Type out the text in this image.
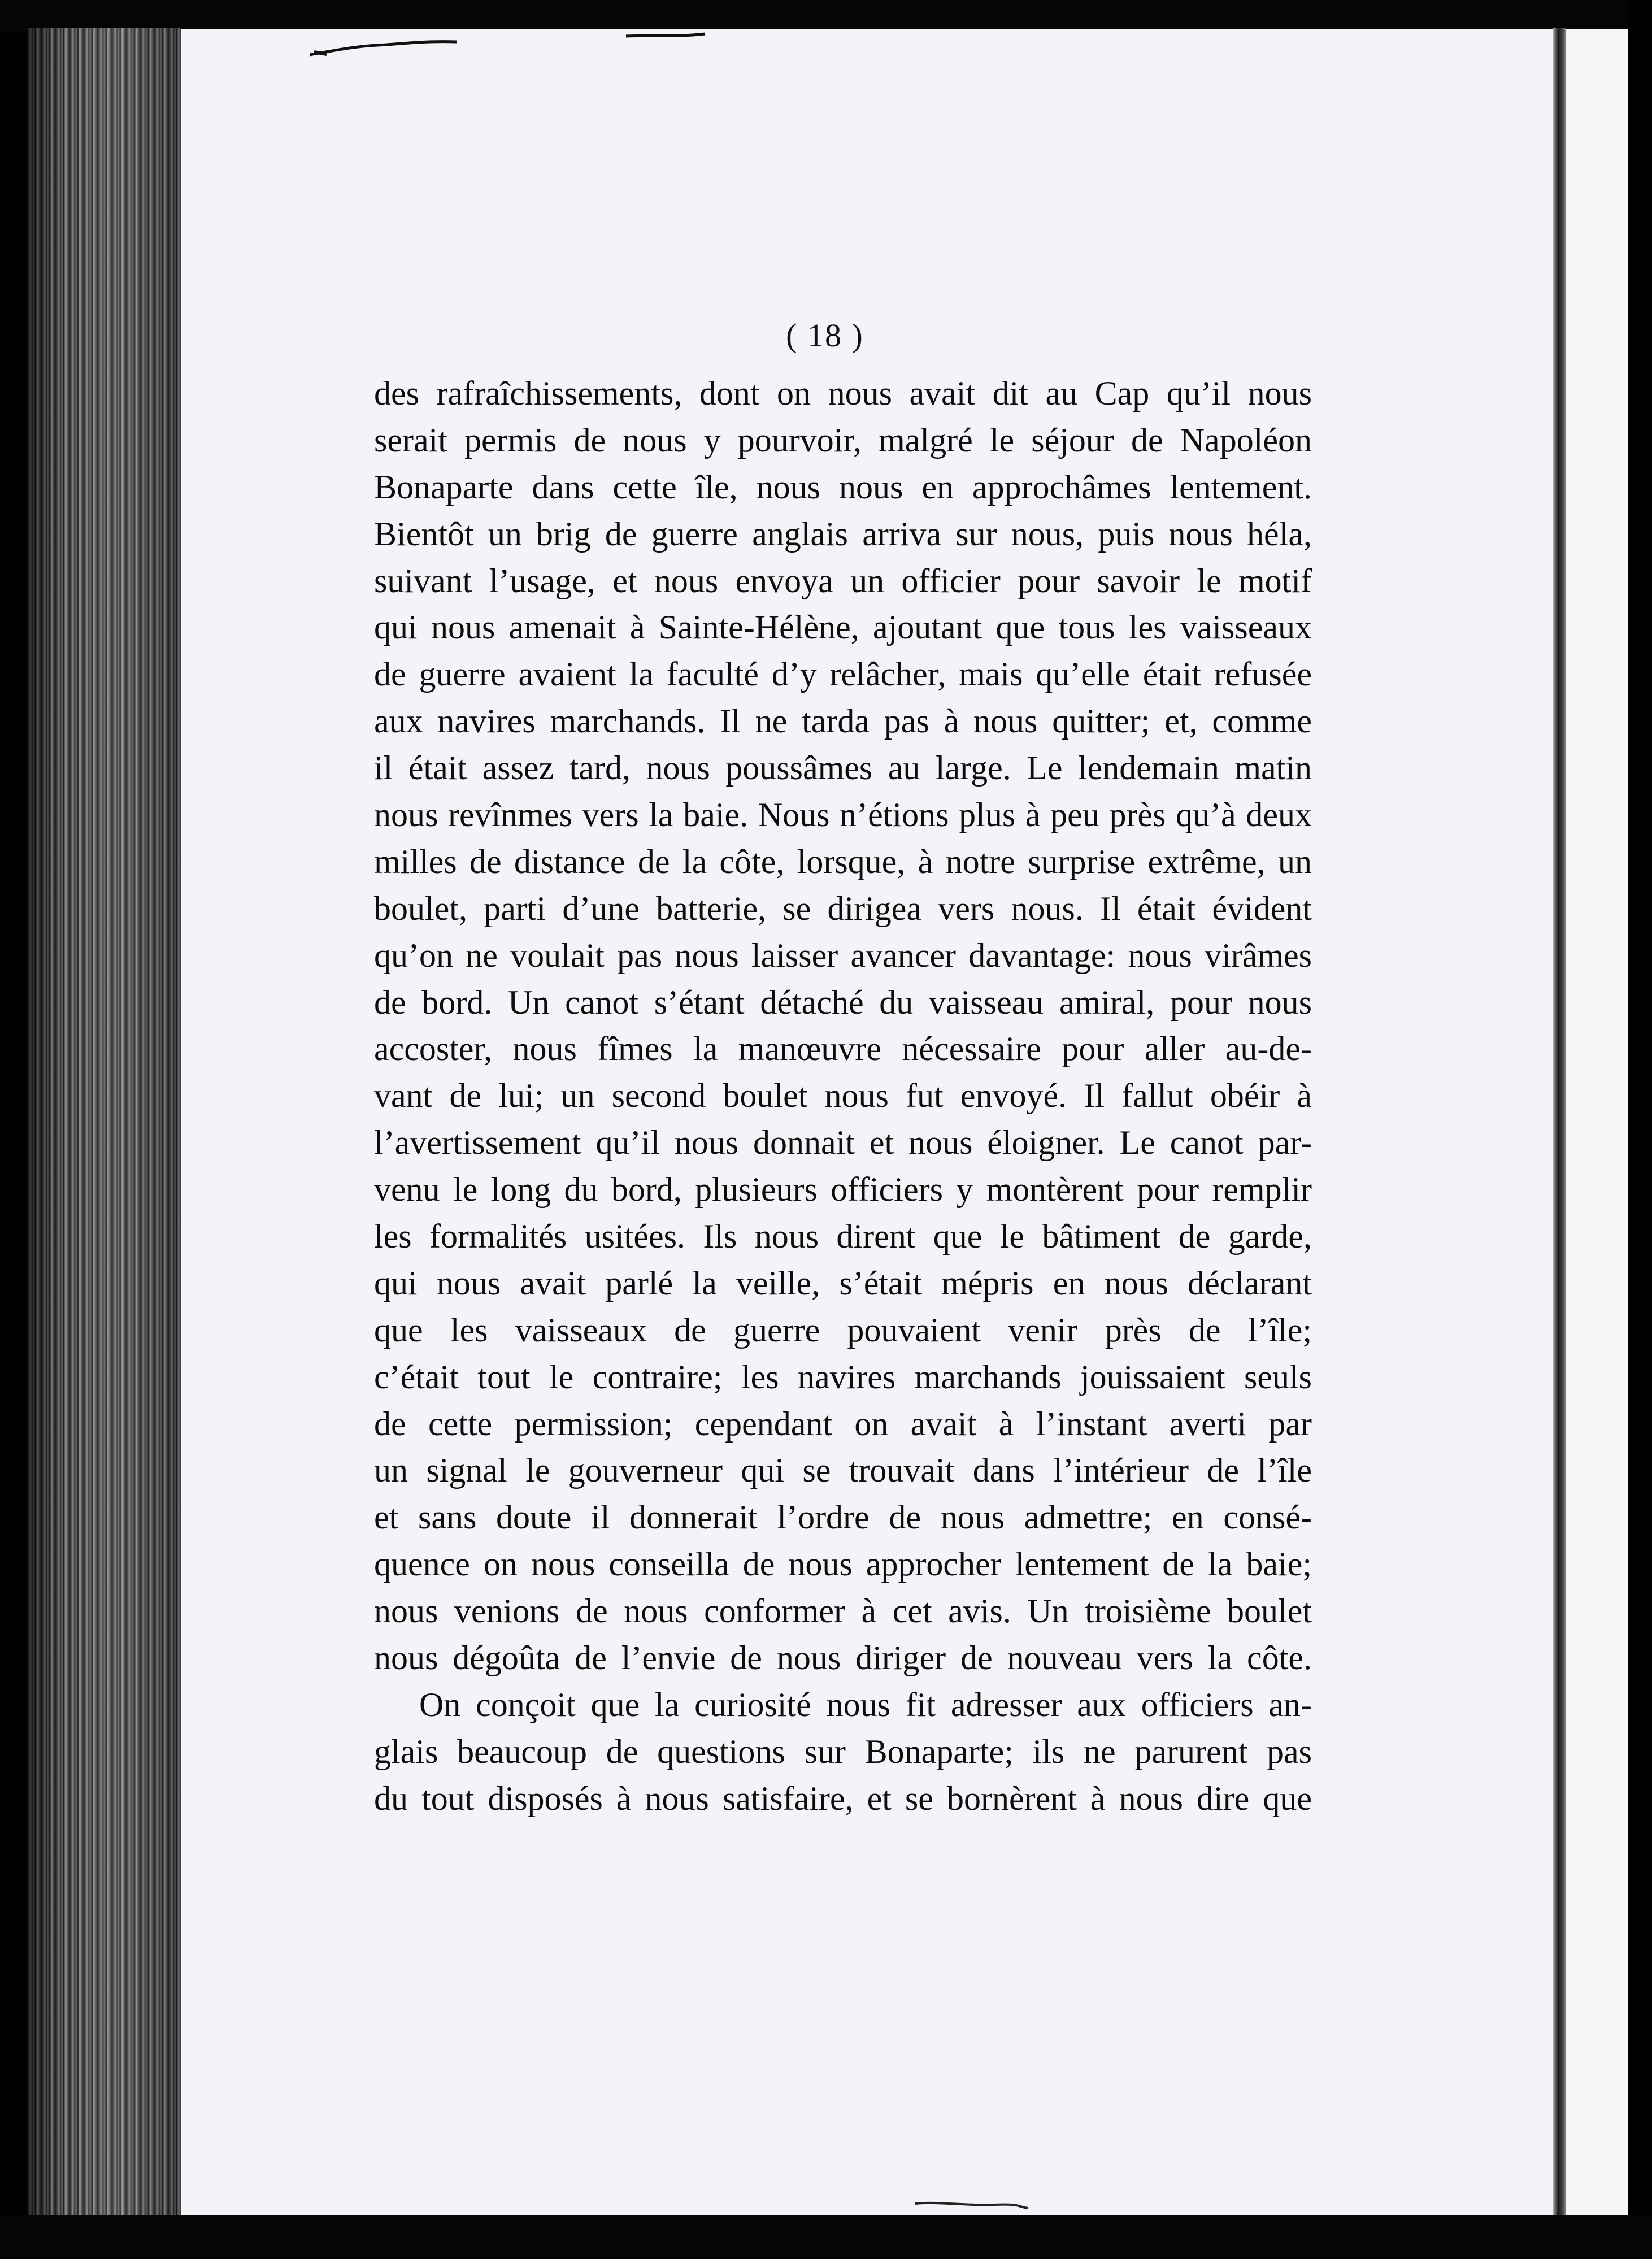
( 18 )
des rafraîchissements, dont on nous avait dit au Cap qu’il nous
serait permis de nous y pourvoir, malgré le séjour de Napoléon
Bonaparte dans cette île, nous nous en approchâmes lentement.
Bientôt un brig de guerre anglais arriva sur nous, puis nous héla,
suivant l’usage, et nous envoya un officier pour savoir le motif
qui nous amenait à Sainte-Hélène, ajoutant que tous les vaisseaux
de guerre avaient la faculté d’y relâcher, mais qu’elle était refusée
aux navires marchands. Il ne tarda pas à nous quitter; et, comme
il était assez tard, nous poussâmes au large. Le lendemain matin
nous revînmes vers la baie. Nous n’étions plus à peu près qu’à deux
milles de distance de la côte, lorsque, à notre surprise extrême, un
boulet, parti d’une batterie, se dirigea vers nous. Il était évident
qu’on ne voulait pas nous laisser avancer davantage: nous virâmes
de bord. Un canot s’étant détaché du vaisseau amiral, pour nous
accoster, nous fîmes la manœuvre nécessaire pour aller au-de-
vant de lui; un second boulet nous fut envoyé. Il fallut obéir à
l’avertissement qu’il nous donnait et nous éloigner. Le canot par-
venu le long du bord, plusieurs officiers y montèrent pour remplir
les formalités usitées. Ils nous dirent que le bâtiment de garde,
qui nous avait parlé la veille, s’était mépris en nous déclarant
que les vaisseaux de guerre pouvaient venir près de l’île;
c’était tout le contraire; les navires marchands jouissaient seuls
de cette permission; cependant on avait à l’instant averti par
un signal le gouverneur qui se trouvait dans l’intérieur de l’île
et sans doute il donnerait l’ordre de nous admettre; en consé-
quence on nous conseilla de nous approcher lentement de la baie;
nous venions de nous conformer à cet avis. Un troisième boulet
nous dégoûta de l’envie de nous diriger de nouveau vers la côte.
On conçoit que la curiosité nous fit adresser aux officiers an-
glais beaucoup de questions sur Bonaparte; ils ne parurent pas
du tout disposés à nous satisfaire, et se bornèrent à nous dire que
